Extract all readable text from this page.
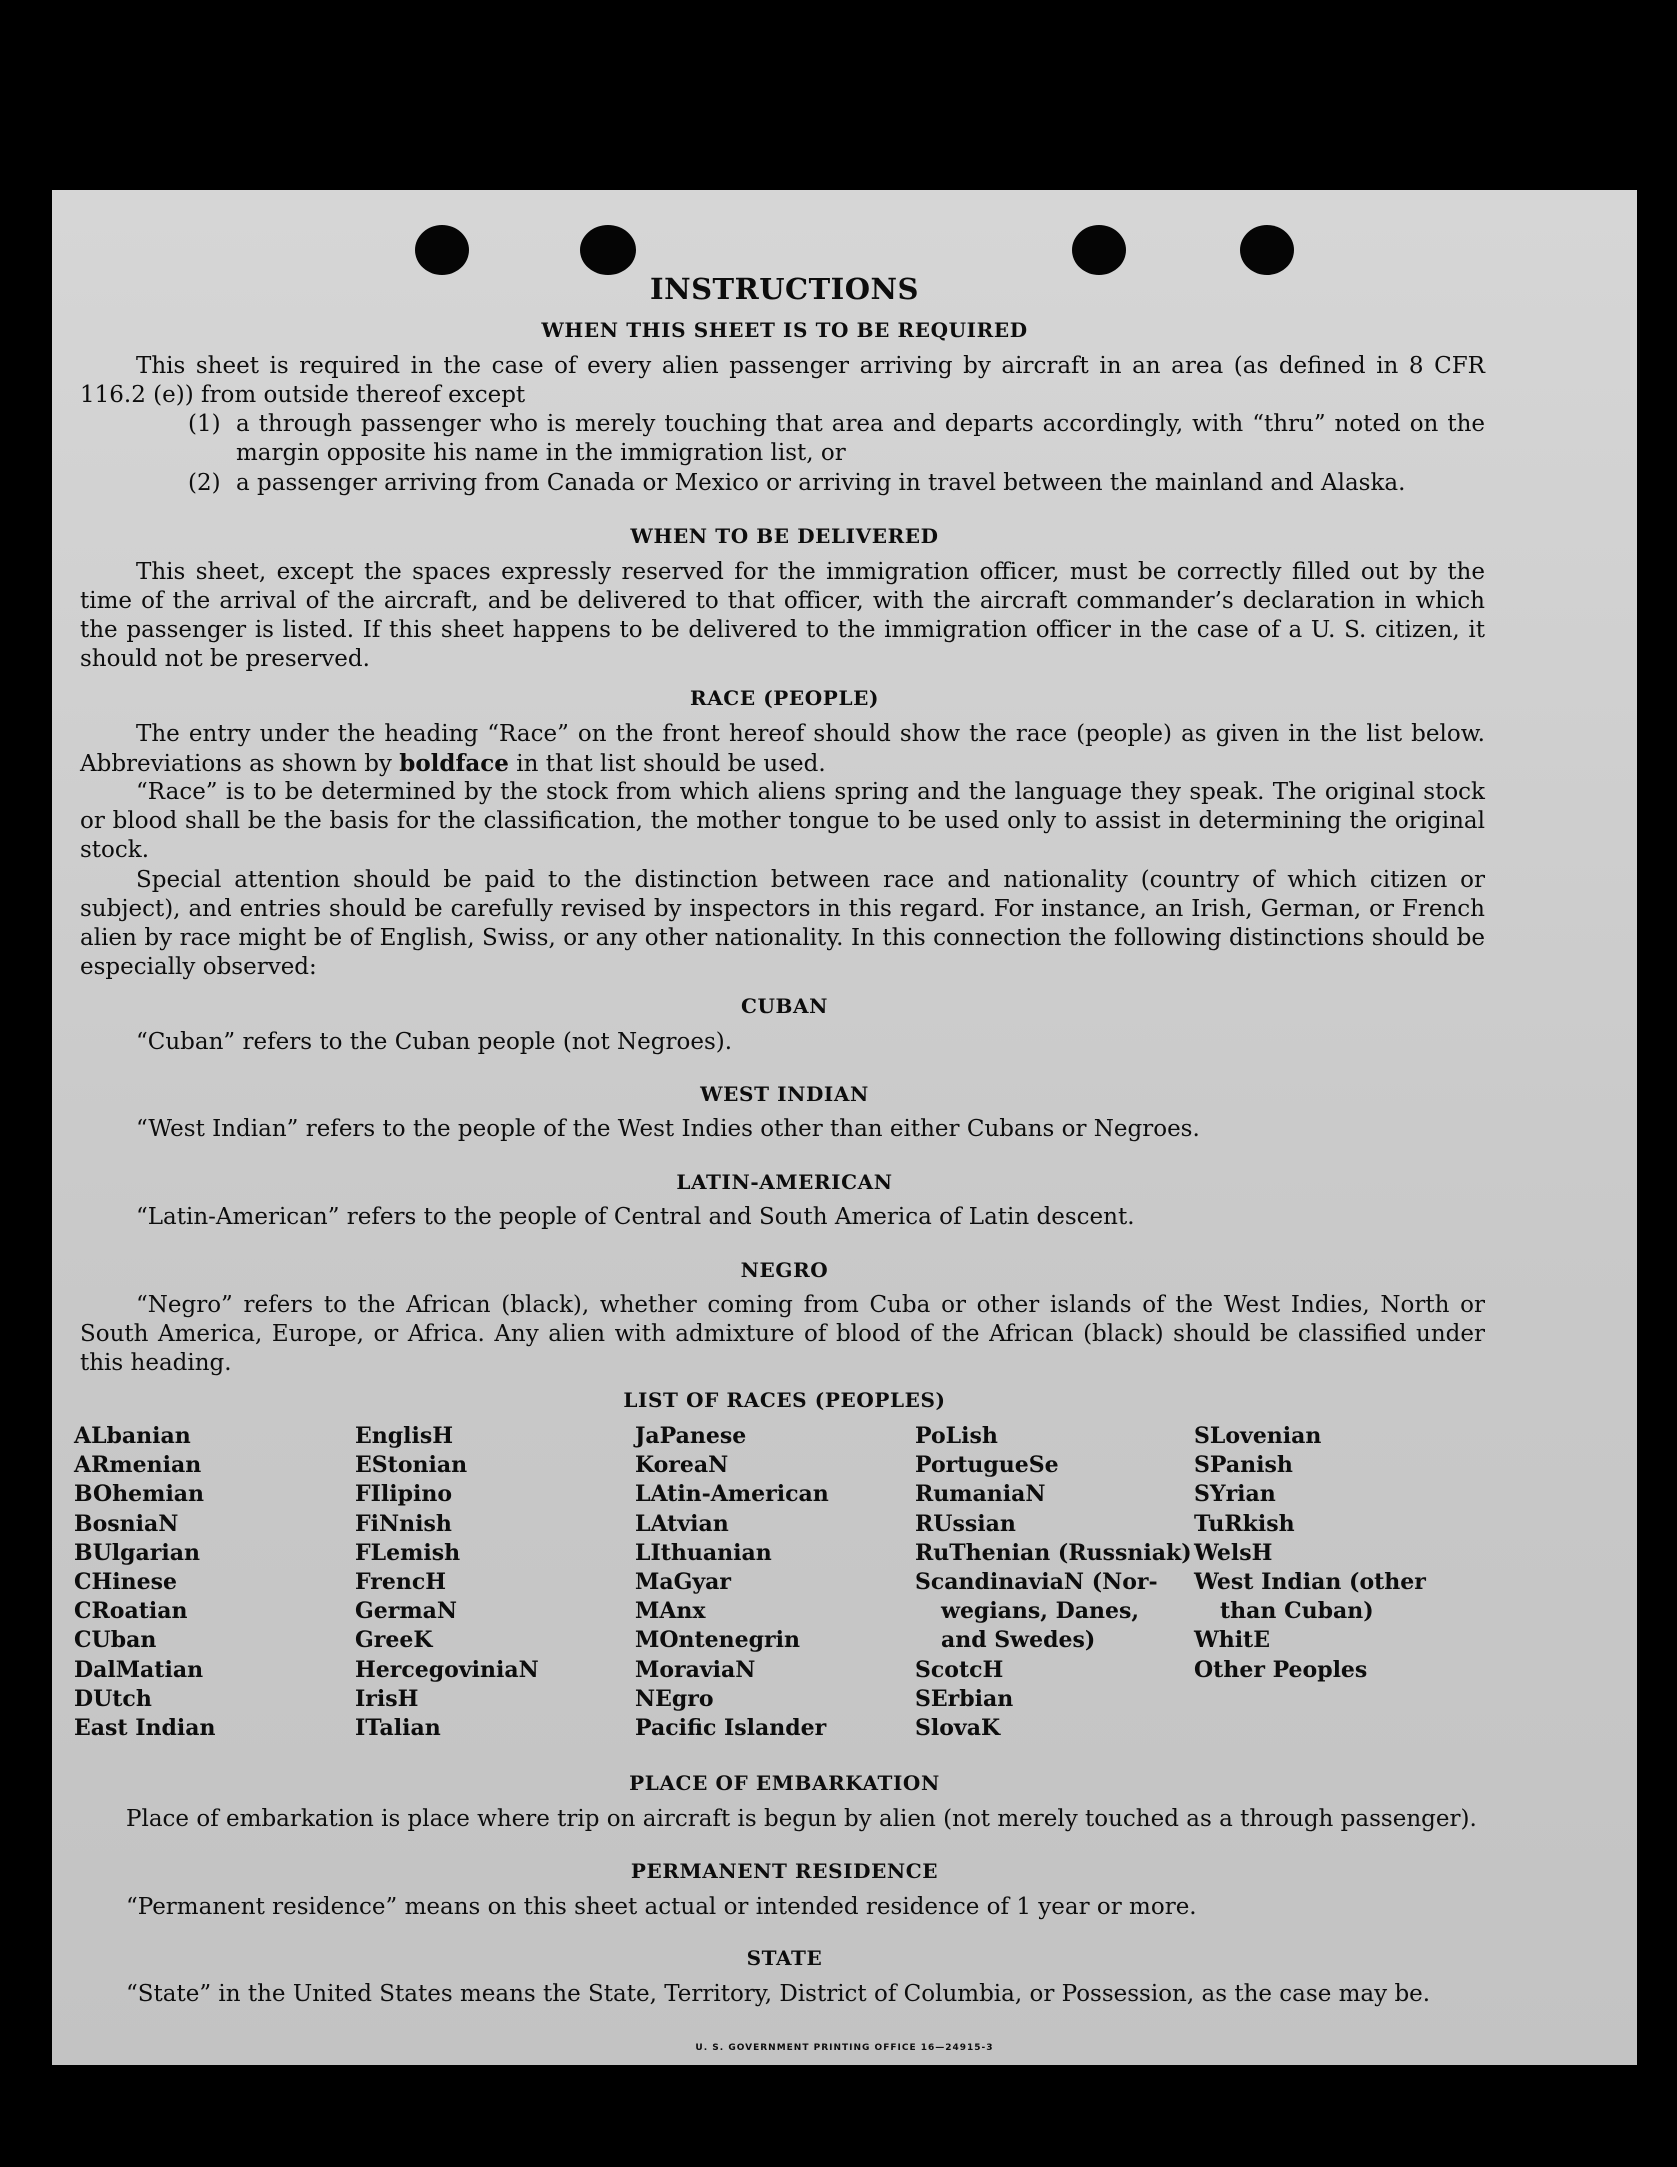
INSTRUCTIONS
WHEN THIS SHEET IS TO BE REQUIRED
This sheet is required in the case of every alien passenger arriving by aircraft in an area (as defined in 8 CFR 116.2 (e)) from outside thereof except
(1) a through passenger who is merely touching that area and departs accordingly, with “thru” noted on the margin opposite his name in the immigration list, or
(2) a passenger arriving from Canada or Mexico or arriving in travel between the mainland and Alaska.
WHEN TO BE DELIVERED
This sheet, except the spaces expressly reserved for the immigration officer, must be correctly filled out by the time of the arrival of the aircraft, and be delivered to that officer, with the aircraft commander’s declaration in which the passenger is listed. If this sheet happens to be delivered to the immigration officer in the case of a U. S. citizen, it should not be preserved.
RACE (PEOPLE)
The entry under the heading “Race” on the front hereof should show the race (people) as given in the list below. Abbreviations as shown by boldface in that list should be used.
“Race” is to be determined by the stock from which aliens spring and the language they speak. The original stock or blood shall be the basis for the classification, the mother tongue to be used only to assist in determining the original stock.
Special attention should be paid to the distinction between race and nationality (country of which citizen or subject), and entries should be carefully revised by inspectors in this regard. For instance, an Irish, German, or French alien by race might be of English, Swiss, or any other nationality. In this connection the following distinctions should be especially observed:
CUBAN
“Cuban” refers to the Cuban people (not Negroes).
WEST INDIAN
“West Indian” refers to the people of the West Indies other than either Cubans or Negroes.
LATIN-AMERICAN
“Latin-American” refers to the people of Central and South America of Latin descent.
NEGRO
“Negro” refers to the African (black), whether coming from Cuba or other islands of the West Indies, North or South America, Europe, or Africa. Any alien with admixture of blood of the African (black) should be classified under this heading.
LIST OF RACES (PEOPLES)
ALbanian
ARmenian
BOhemian
BosniaN
BUlgarian
CHinese
CRoatian
CUban
DalMatian
DUtch
East Indian
EnglisH
EStonian
FIlipino
FiNnish
FLemish
FrencH
GermaN
GreeK
HercegoviniaN
IrisH
ITalian
JaPanese
KoreaN
LAtin-American
LAtvian
LIthuanian
MaGyar
MAnx
MOntenegrin
MoraviaN
NEgro
Pacific Islander
PoLish
PortugueSe
RumaniaN
RUssian
RuThenian (Russniak)
ScandinaviaN (Nor-
wegians, Danes,
and Swedes)
ScotcH
SErbian
SlovaK
SLovenian
SPanish
SYrian
TuRkish
WelsH
West Indian (other
than Cuban)
WhitE
Other Peoples
PLACE OF EMBARKATION
Place of embarkation is place where trip on aircraft is begun by alien (not merely touched as a through passenger).
PERMANENT RESIDENCE
“Permanent residence” means on this sheet actual or intended residence of 1 year or more.
STATE
“State” in the United States means the State, Territory, District of Columbia, or Possession, as the case may be.
U. S. GOVERNMENT PRINTING OFFICE 16—24915-3
